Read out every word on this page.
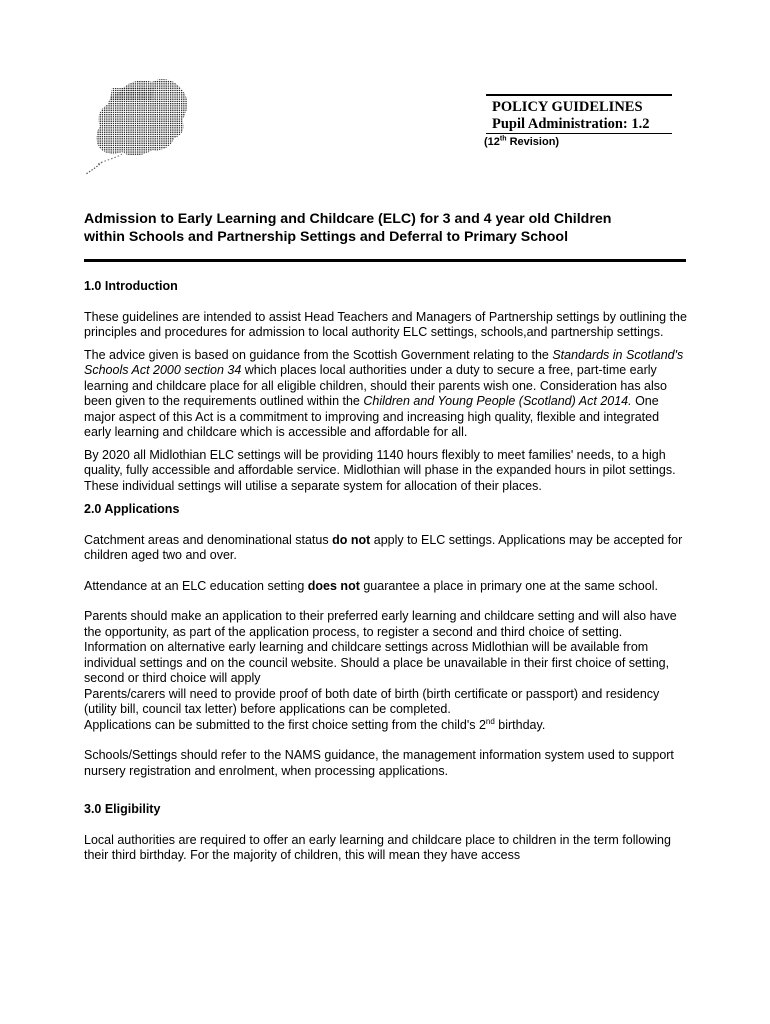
POLICY GUIDELINES
Pupil Administration: 1.2
(12th Revision)
Admission to Early Learning and Childcare (ELC) for 3 and 4 year old Children
within Schools and Partnership Settings and Deferral to Primary School
1.0 Introduction

These guidelines are intended to assist Head Teachers and Managers of Partnership settings by outlining the principles and procedures for admission to local authority ELC settings, schools,and partnership settings.

The advice given is based on guidance from the Scottish Government relating to the Standards in Scotland's Schools Act 2000 section 34 which places local authorities under a duty to secure a free, part-time early learning and childcare place for all eligible children, should their parents wish one. Consideration has also been given to the requirements outlined within the Children and Young People (Scotland) Act 2014. One major aspect of this Act is a commitment to improving and increasing high quality, flexible and integrated early learning and childcare which is accessible and affordable for all.

By 2020 all Midlothian ELC settings will be providing 1140 hours flexibly to meet families' needs, to a high quality, fully accessible and affordable service. Midlothian will phase in the expanded hours in pilot settings. These individual settings will utilise a separate system for allocation of their places.

2.0 Applications

Catchment areas and denominational status do not apply to ELC settings. Applications may be accepted for children aged two and over.

Attendance at an ELC education setting does not guarantee a place in primary one at the same school.

Parents should make an application to their preferred early learning and childcare setting and will also have the opportunity, as part of the application process, to register a second and third choice of setting. Information on alternative early learning and childcare settings across Midlothian will be available from individual settings and on the council website. Should a place be unavailable in their first choice of setting, second or third choice will apply

Parents/carers will need to provide proof of both date of birth (birth certificate or passport) and residency (utility bill, council tax letter) before applications can be completed.

Applications can be submitted to the first choice setting from the child's 2nd birthday.

Schools/Settings should refer to the NAMS guidance, the management information system used to support nursery registration and enrolment, when processing applications.

3.0 Eligibility

Local authorities are required to offer an early learning and childcare place to children in the term following their third birthday. For the majority of children, this will mean they have access
